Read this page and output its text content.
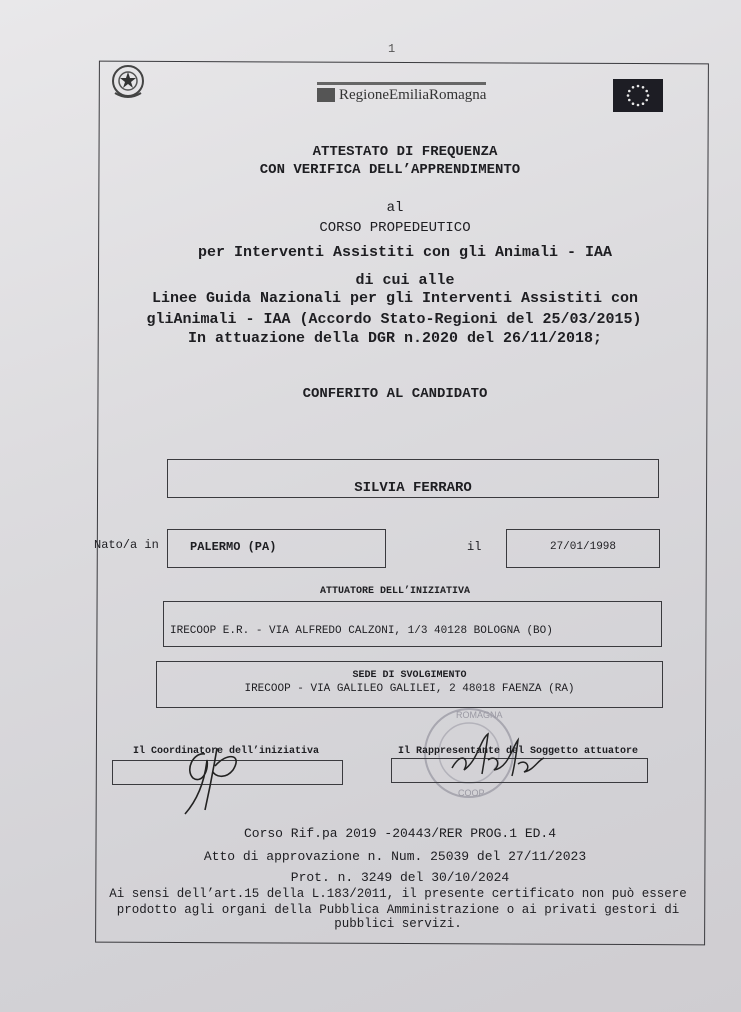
1
RegioneEmiliaRomagna
ATTESTATO DI FREQUENZA
CON VERIFICA DELL’APPRENDIMENTO
al
CORSO PROPEDEUTICO
per Interventi Assistiti con gli Animali - IAA
di cui alle
Linee Guida Nazionali per gli Interventi Assistiti con
gliAnimali - IAA (Accordo Stato-Regioni del 25/03/2015)
In attuazione della DGR n.2020 del 26/11/2018;
CONFERITO AL CANDIDATO
SILVIA FERRARO
Nato/a in	PALERMO (PA)	il	27/01/1998
ATTUATORE DELL’INIZIATIVA
IRECOOP E.R. - VIA ALFREDO CALZONI, 1/3 40128 BOLOGNA (BO)
SEDE DI SVOLGIMENTO
IRECOOP - VIA GALILEO GALILEI, 2 48018 FAENZA (RA)
ROMAGNA
COOP
Il Coordinatore dell’iniziativa	Il Rappresentante del Soggetto attuatore
Corso Rif.pa 2019 -20443/RER PROG.1 ED.4
Atto di approvazione n. Num. 25039 del 27/11/2023
Prot. n. 3249 del 30/10/2024
Ai sensi dell’art.15 della L.183/2011, il presente certificato non può essere
prodotto agli organi della Pubblica Amministrazione o ai privati gestori di
pubblici servizi.
